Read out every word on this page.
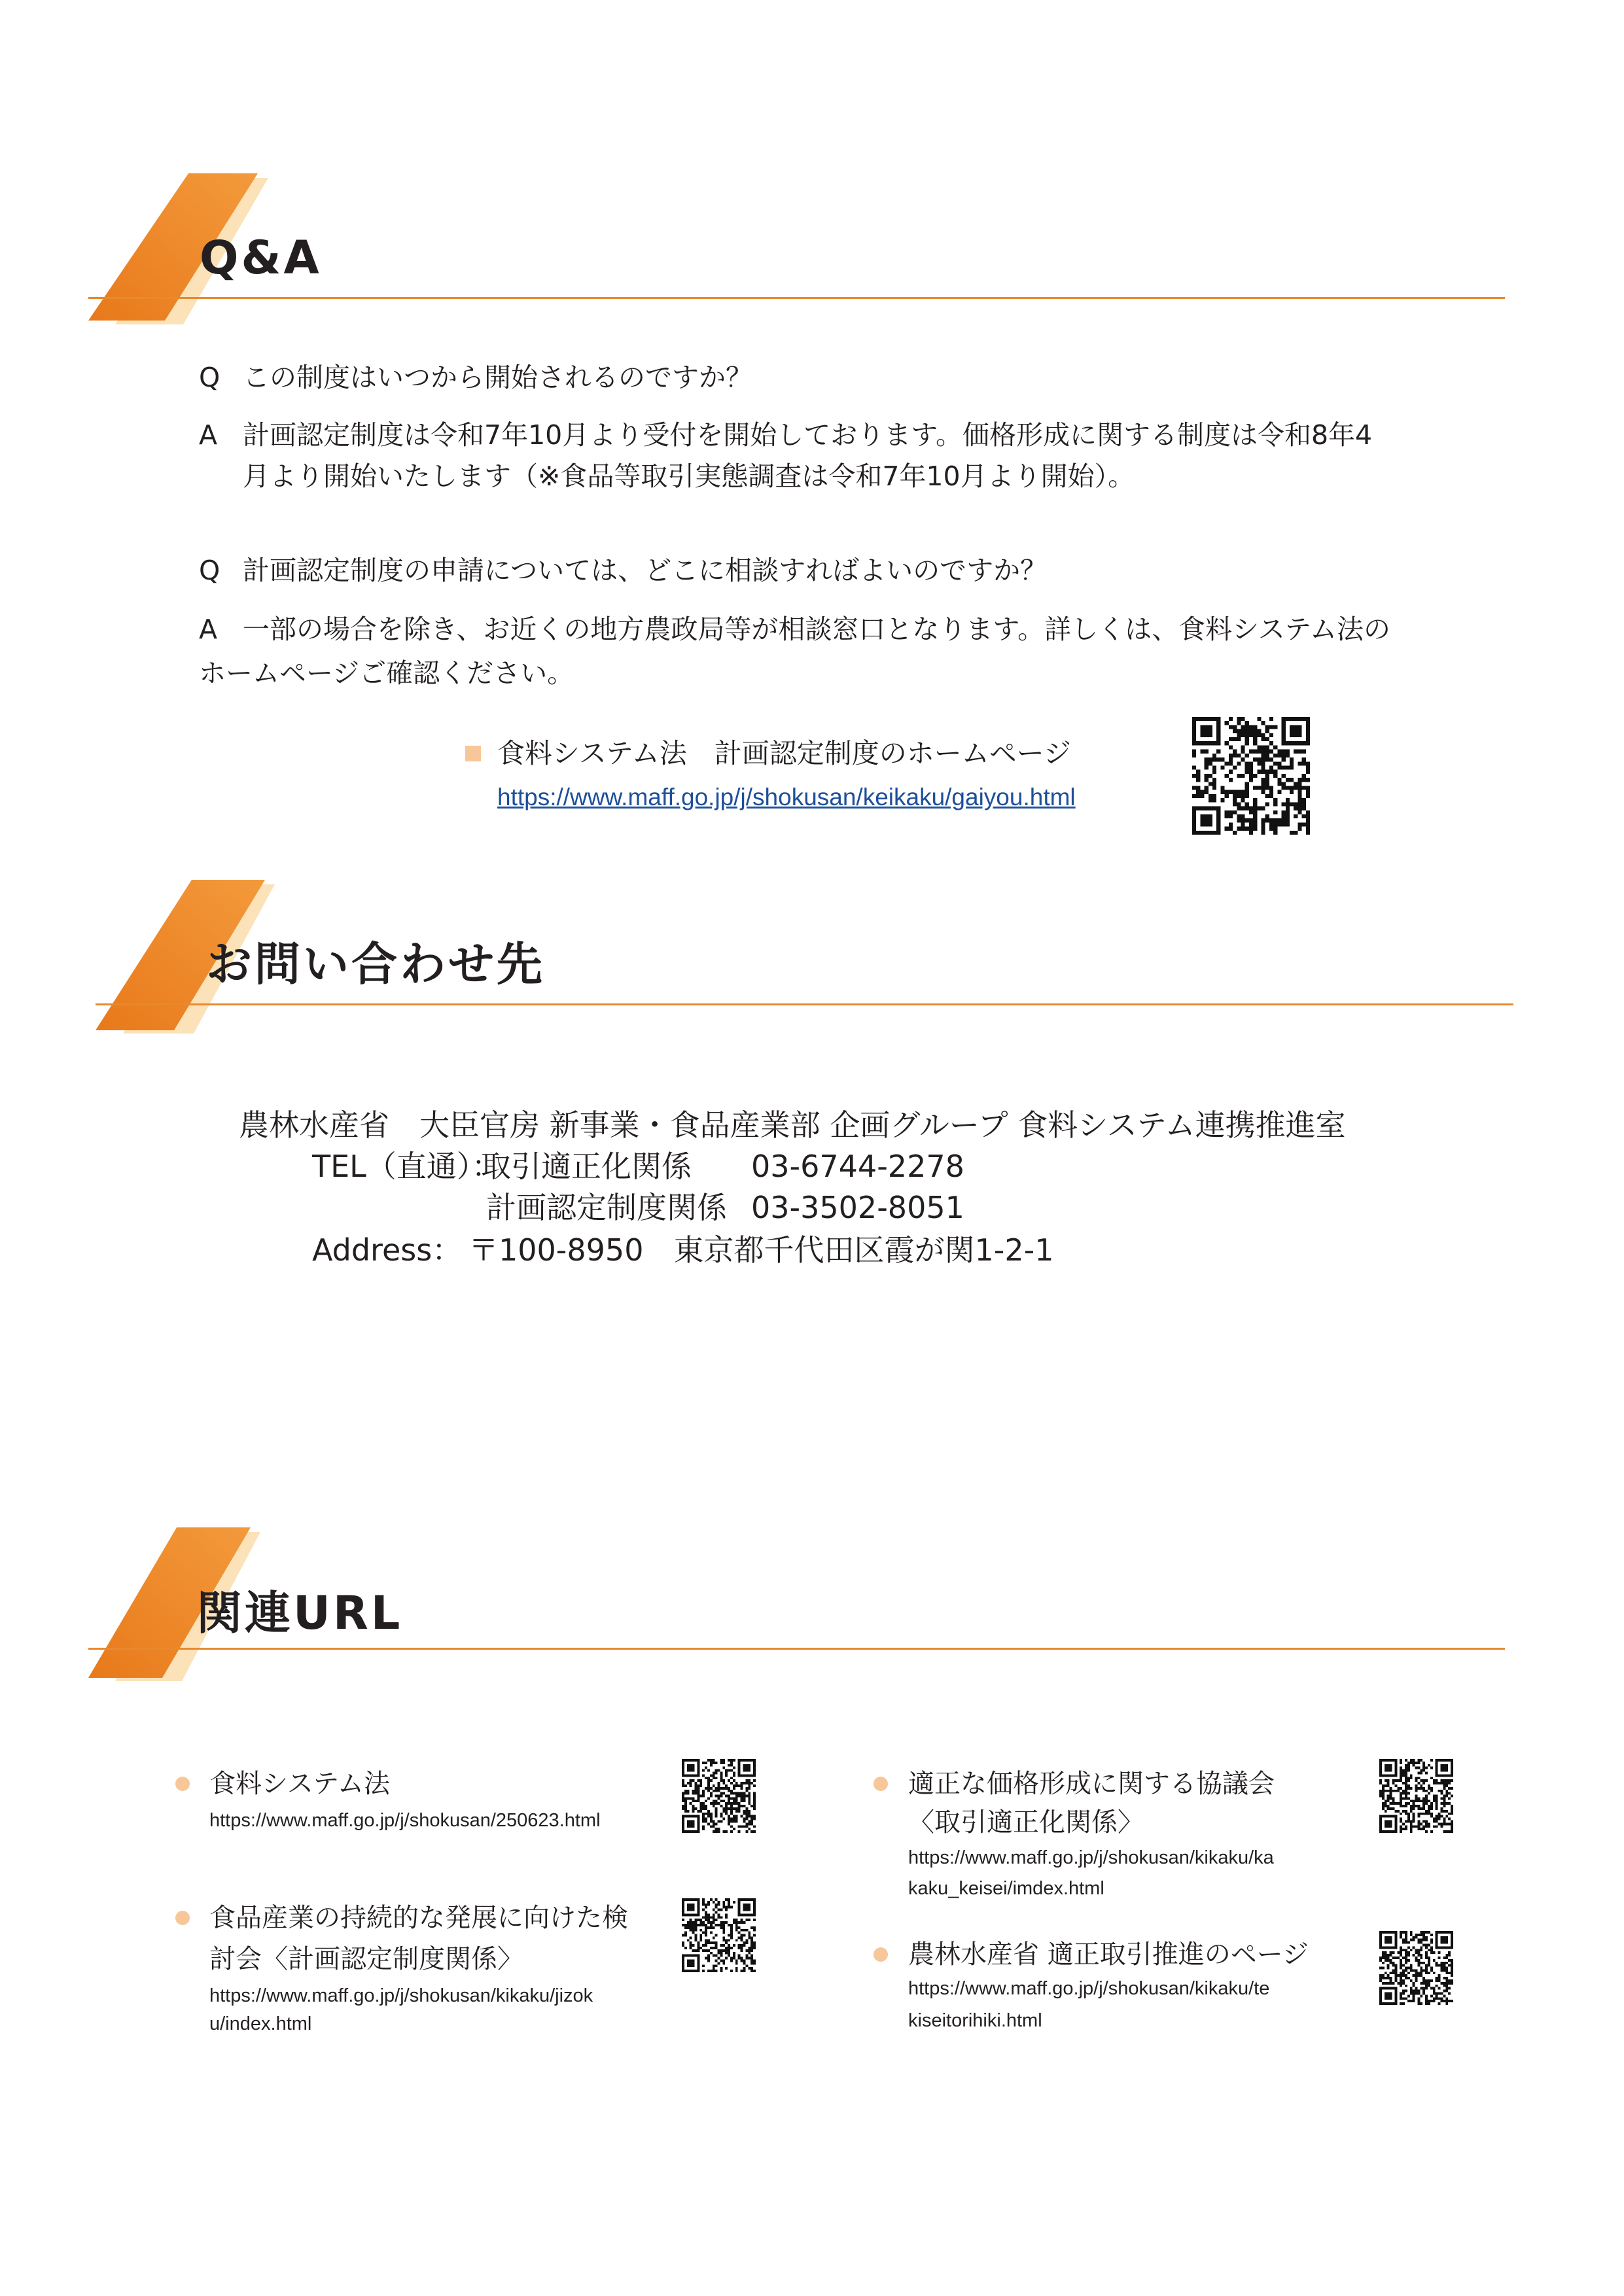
Q&A
Q この制度はいつから開始されるのですか？
A 計画認定制度は令和7年10月より受付を開始しております。価格形成に関する制度は令和8年4
月より開始いたします（※食品等取引実態調査は令和7年10月より開始）。
Q 計画認定制度の申請については、どこに相談すればよいのですか？
A 一部の場合を除き、お近くの地方農政局等が相談窓口となります。詳しくは、食料システム法の
ホームページご確認ください。
食料システム法　計画認定制度のホームページ
https://www.maff.go.jp/j/shokusan/keikaku/gaiyou.html
お問い合わせ先
農林水産省　大臣官房 新事業・食品産業部 企画グループ 食料システム連携推進室
TEL（直通）：
取引適正化関係 03-6744-2278
計画認定制度関係 03-3502-8051
Address： 〒100-8950　東京都千代田区霞が関1-2-1
関連URL
食料システム法
https://www.maff.go.jp/j/shokusan/250623.html
食品産業の持続的な発展に向けた検
討会〈計画認定制度関係〉
https://www.maff.go.jp/j/shokusan/kikaku/jizok
u/index.html
適正な価格形成に関する協議会
〈取引適正化関係〉
https://www.maff.go.jp/j/shokusan/kikaku/ka
kaku_keisei/imdex.html
農林水産省 適正取引推進のページ
https://www.maff.go.jp/j/shokusan/kikaku/te
kiseitorihiki.html
